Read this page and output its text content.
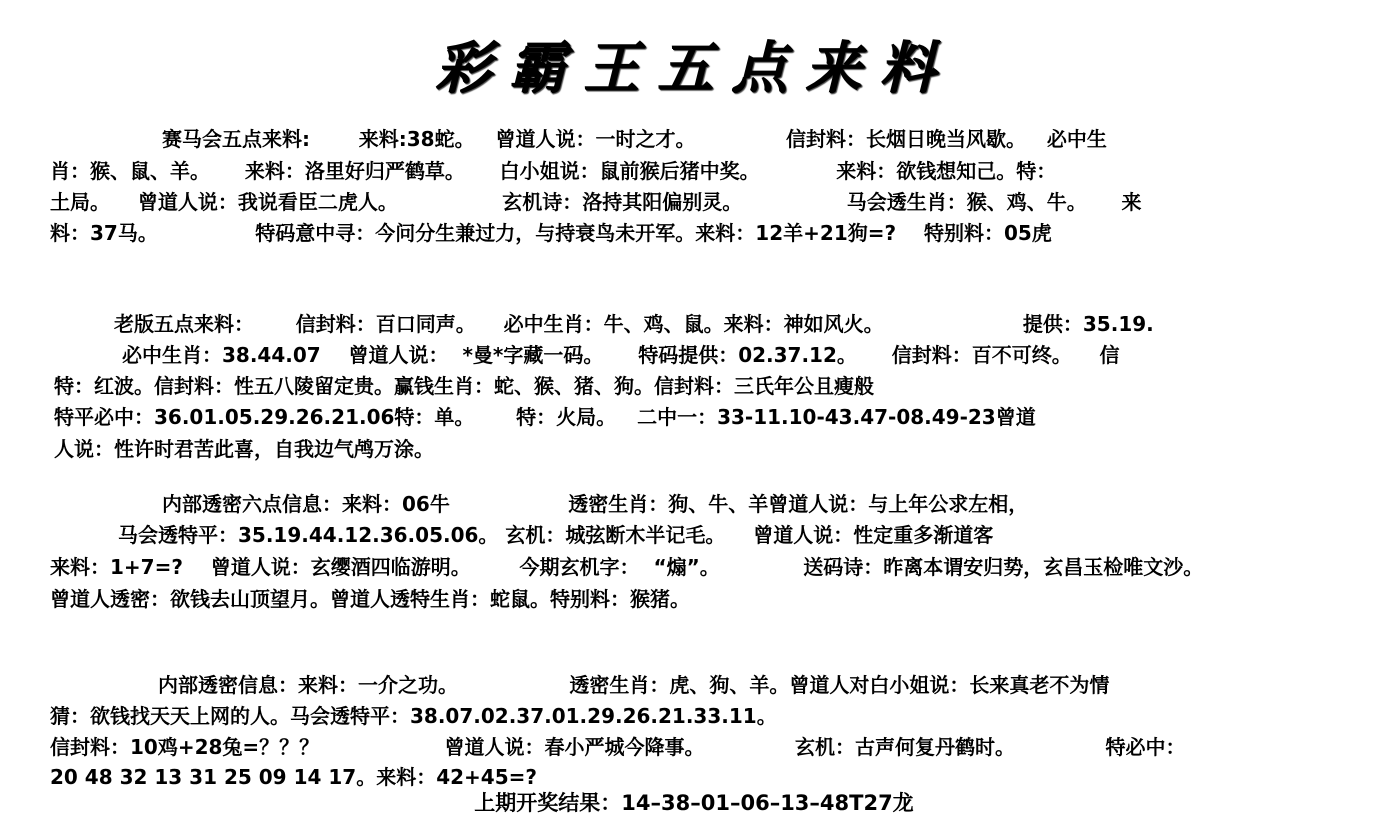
彩霸王五点来料
赛马会五点来料:       来料:38蛇。   曾道人说：一时之才。             信封料：长烟日晚当风歇。   必中生
肖：猴、鼠、羊。     来料：洛里好归严鹤草。     白小姐说：鼠前猴后猪中奖。           来料：欲钱想知己。特：
土局。    曾道人说：我说看臣二虎人。               玄机诗：洛持其阳偏别灵。               马会透生肖：猴、鸡、牛。     来
料：37马。              特码意中寻：今问分生兼过力，与持衰鸟未开军。来料：12羊+21狗=?    特别料：05虎
老版五点来料：      信封料：百口同声。    必中生肖：牛、鸡、鼠。来料：神如风火。                    提供：35.19.
必中生肖：38.44.07    曾道人说：  *曼*字藏一码。     特码提供：02.37.12。     信封料：百不可终。    信
特：红波。信封料：性五八陵留定贵。赢钱生肖：蛇、猴、猪、狗。信封料：三氏年公且瘦般
特平必中：36.01.05.29.26.21.06特：单。      特：火局。   二中一：33-11.10-43.47-08.49-23曾道
人说：性许时君苦此喜，自我边气鸬万涂。
内部透密六点信息：来料：06牛                 透密生肖：狗、牛、羊曾道人说：与上年公求左相，
马会透特平：35.19.44.12.36.05.06。 玄机：城弦断木半记毛。    曾道人说：性定重多渐道客
来料：1+7=?    曾道人说：玄缨酒四临游明。       今期玄机字：  “煽”。            送码诗：昨离本谓安归势，玄昌玉检唯文沙。
曾道人透密：欲钱去山顶望月。曾道人透特生肖：蛇鼠。特别料：猴猪。
内部透密信息：来料：一介之功。                透密生肖：虎、狗、羊。曾道人对白小姐说：长来真老不为情
猜：欲钱找天天上网的人。马会透特平：38.07.02.37.01.29.26.21.33.11。
信封料：10鸡+28兔=？？？                  曾道人说：春小严城今降事。             玄机：古声何复丹鹤时。             特必中：
20 48 32 13 31 25 09 14 17。来料：42+45=?
上期开奖结果：14–38–01–06–13–48T27龙
